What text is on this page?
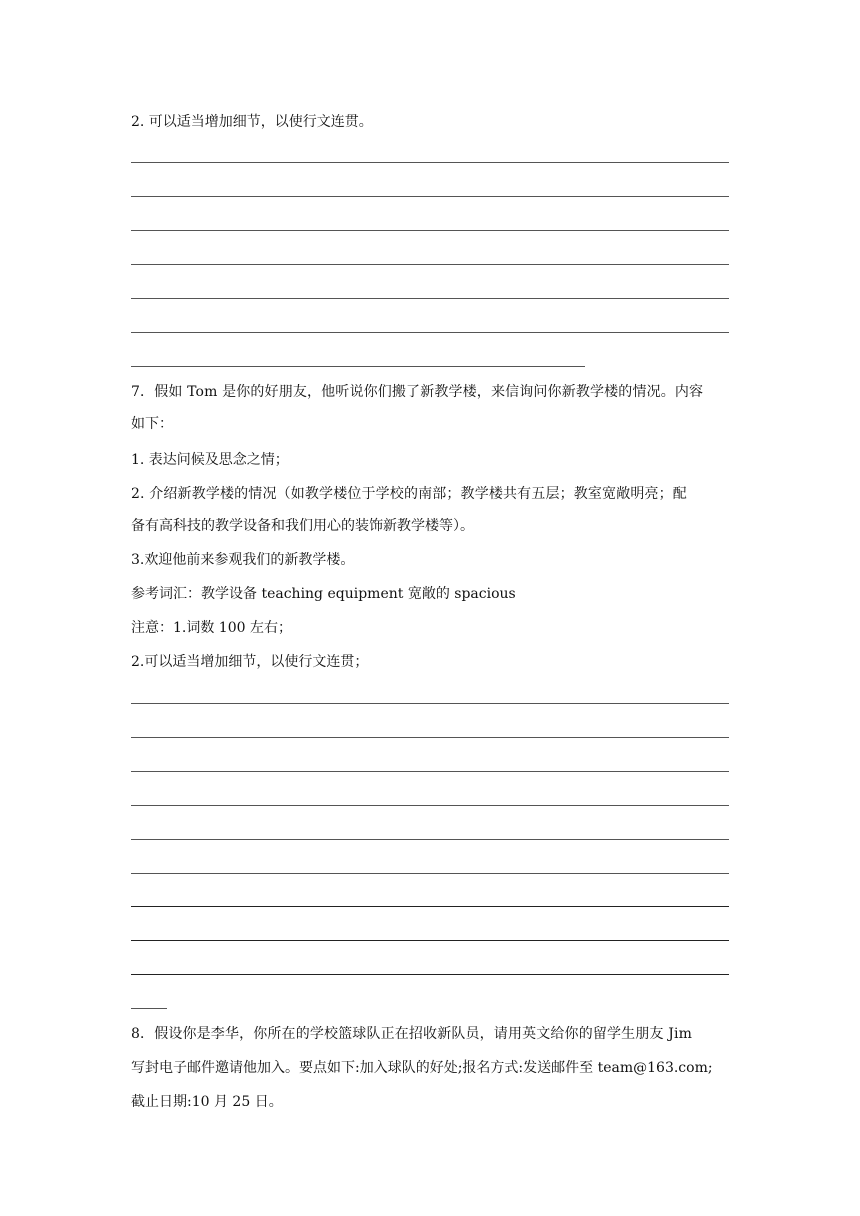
2. 可以适当增加细节，以使行文连贯。
7．假如 Tom 是你的好朋友，他听说你们搬了新教学楼，来信询问你新教学楼的情况。内容
如下：
1. 表达问候及思念之情；
2. 介绍新教学楼的情况（如教学楼位于学校的南部；教学楼共有五层；教室宽敞明亮；配
备有高科技的教学设备和我们用心的装饰新教学楼等）。
3.欢迎他前来参观我们的新教学楼。
参考词汇：教学设备 teaching equipment 宽敞的 spacious
注意：1.词数 100 左右；
2.可以适当增加细节，以使行文连贯；
8．假设你是李华，你所在的学校篮球队正在招收新队员，请用英文给你的留学生朋友 Jim
写封电子邮件邀请他加入。要点如下:加入球队的好处;报名方式:发送邮件至 team@163.com;
截止日期:10 月 25 日。
